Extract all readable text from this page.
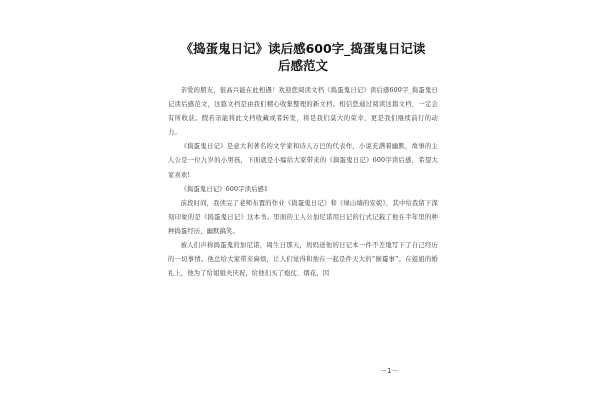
《捣蛋鬼日记》读后感600字_捣蛋鬼日记读
后感范文

亲爱的朋友，很高兴能在此相遇！欢迎您阅读文档《捣蛋鬼日记》读后感600字_捣蛋鬼日记读后感范文，这篇文档是由我们精心收集整理的新文档。相信您通过阅读这篇文档，一定会有所收获。假若亲能将此文档收藏或者转发，将是我们莫大的荣幸，更是我们继续前行的动力。

《捣蛋鬼日记》是意大利著名的文学家和诗人万巴的代表作，小说充满着幽默，故事的主人公是一位九岁的小男孩，下面就是小编给大家带来的《捣蛋鬼日记》600字读后感，希望大家喜欢!

《捣蛋鬼日记》600字读后感1

前段时间，我读完了老师布置的作业《捣蛋鬼日记》和《绿山墙的安妮》，其中给我留下深刻印象的是《捣蛋鬼日记》这本书。里面的主人公加尼诺用日记的行式记载了他在半年里的种种捣蛋经历，幽默搞笑。

被人们声称捣蛋鬼的加尼诺，周生日那天，妈妈送他的日记本一件不差地写下了自己经历的一切事情。他总给大家带来麻烦，让人们觉得和他在一起是件天大的“倒霉事”。在姐姐的婚礼上，他为了给姐姐夫庆祝，给他们买了炮仗、烟花，因

－1－
